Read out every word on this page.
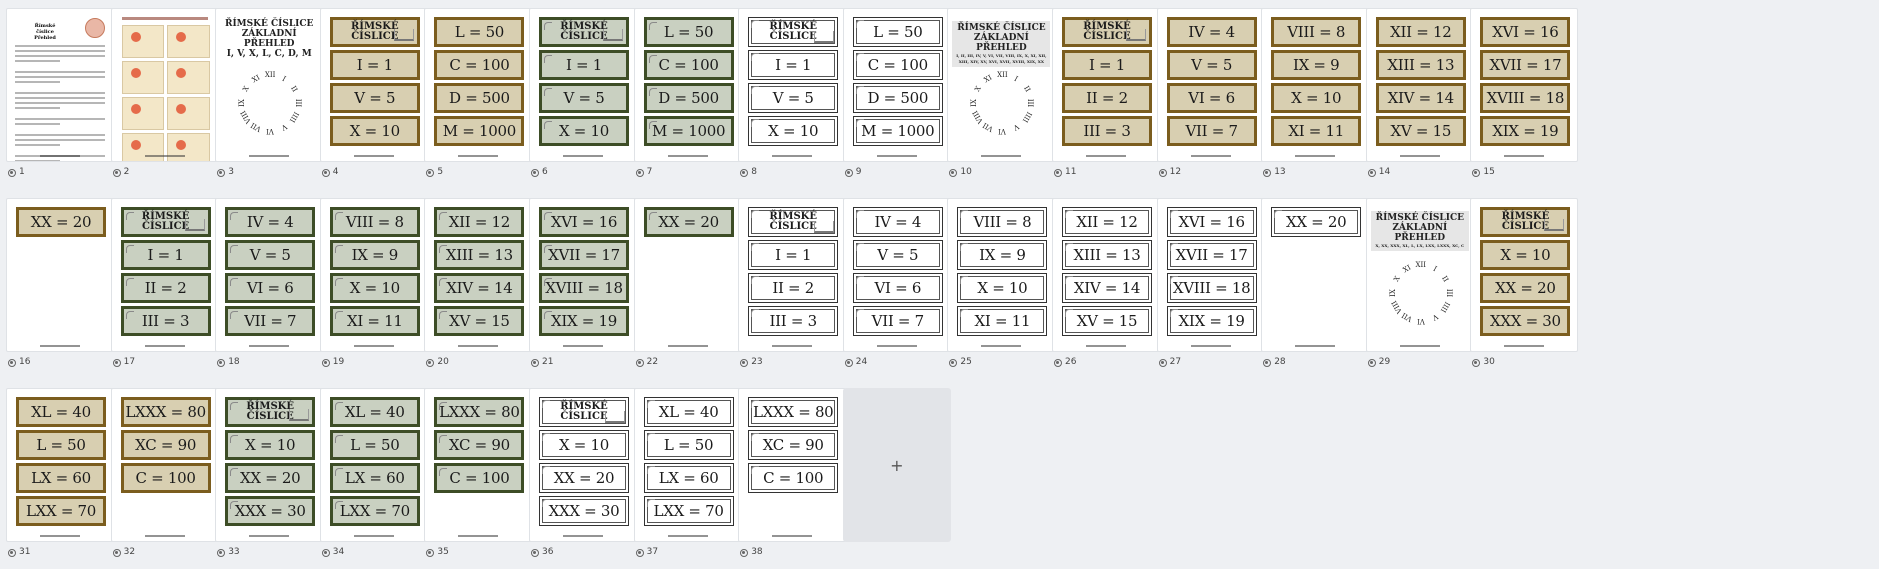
Římské číslice Přehled
1	2
ŘÍMSKÉ ČÍSLICE
ZÁKLADNÍ PŘEHLED
I, V, X, L, C, D, M
XII I
II
III
IIII
V
VI
VII
VIII
IX
X
XI
3
ŘÍMSKÉ
ČÍSLICE
I = 1
V = 5
X = 10
4
L = 50
C = 100
D = 500
M = 1000
5
ŘÍMSKÉ
ČÍSLICE
I = 1
V = 5
X = 10
6
L = 50
C = 100
D = 500
M = 1000
7
ŘÍMSKÉ
ČÍSLICE
I = 1
V = 5
X = 10
8
L = 50
C = 100
D = 500
M = 1000
9
ŘÍMSKÉ ČÍSLICE
ZÁKLADNÍ PŘEHLED
I, II, III, IV, V, VI, VII, VIII, IX, X, XI, XII, XIII, XIV, XV, XVI, XVII, XVIII, XIX, XX
XII I
II
III
IIII
V
VI
VII
VIII
IX
X
XI
10
ŘÍMSKÉ
ČÍSLICE
I = 1
II = 2
III = 3
11
IV = 4
V = 5
VI = 6
VII = 7
12
VIII = 8
IX = 9
X = 10
XI = 11
13
XII = 12
XIII = 13
XIV = 14
XV = 15
14
XVI = 16
XVII = 17
XVIII = 18
XIX = 19
15
XX = 20
16
ŘÍMSKÉ
ČÍSLICE
I = 1
II = 2
III = 3
17
IV = 4
V = 5
VI = 6
VII = 7
18
VIII = 8
IX = 9
X = 10
XI = 11
19
XII = 12
XIII = 13
XIV = 14
XV = 15
20
XVI = 16
XVII = 17
XVIII = 18
XIX = 19
21
XX = 20
22
ŘÍMSKÉ
ČÍSLICE
I = 1
II = 2
III = 3
23
IV = 4
V = 5
VI = 6
VII = 7
24
VIII = 8
IX = 9
X = 10
XI = 11
25
XII = 12
XIII = 13
XIV = 14
XV = 15
26
XVI = 16
XVII = 17
XVIII = 18
XIX = 19
27
XX = 20
28
ŘÍMSKÉ ČÍSLICE
ZÁKLADNÍ PŘEHLED
X, XX, XXX, XL, L, LX, LXX, LXXX, XC, C
XII I
II
III
IIII
V
VI
VII
VIII
IX
X
XI
29
ŘÍMSKÉ
ČÍSLICE
X = 10
XX = 20
XXX = 30
30
XL = 40
L = 50
LX = 60
LXX = 70
31
LXXX = 80
XC = 90
C = 100
32
ŘÍMSKÉ
ČÍSLICE
X = 10
XX = 20
XXX = 30
33
XL = 40
L = 50
LX = 60
LXX = 70
34
LXXX = 80
XC = 90
C = 100
35
ŘÍMSKÉ
ČÍSLICE
X = 10
XX = 20
XXX = 30
36
XL = 40
L = 50
LX = 60
LXX = 70
37
LXXX = 80
XC = 90
C = 100
38
+
